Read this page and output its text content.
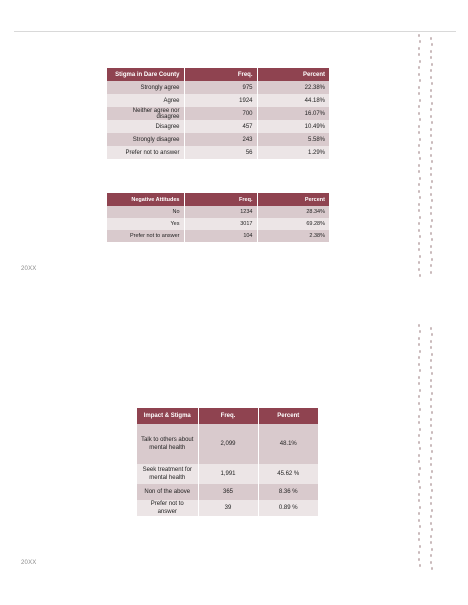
Stigma in Dare County	Freq.	Percent
Strongly agree	975	22.38%
Agree	1924	44.18%
Neither agree nor disagree	700	16.07%
Disagree	457	10.49%
Strongly disagree	243	5.58%
Prefer not to answer	56	1.29%
Negative Attitudes	Freq.	Percent
No	1234	28.34%
Yes	3017	69.28%
Prefer not to answer	104	2.38%
20XX
Impact & Stigma	Freq.	Percent
Talk to others about mental health	2,099	48.1%
Seek treatment for mental health	1,991	45.62 %
Non of the above	365	8.36 %
Prefer not to answer	39	0.89 %
20XX
